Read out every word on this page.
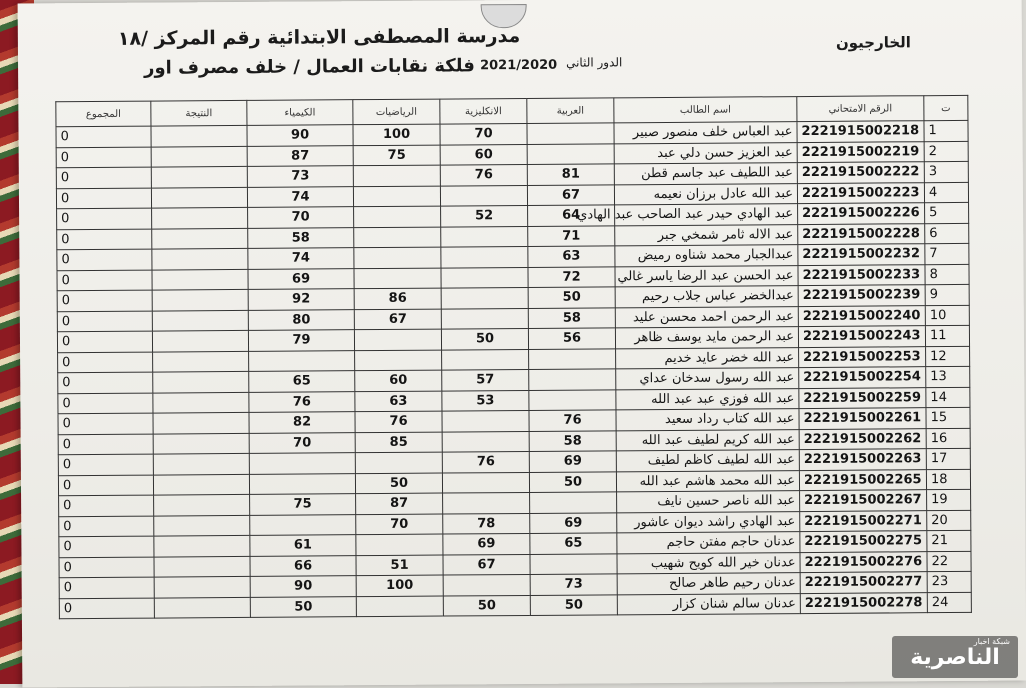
مدرسة المصطفى الابتدائية رقم المركز /١٨
فلكة نقابات العمال / خلف مصرف اور 2021/2020 الدور الثاني
الخارجيون
ت	الرقم الامتحاني	اسم الطالب	العربية	الانكليزية	الرياضيات	الكيمياء	النتيجة	المجموع
1	2221915002218	عبد العباس خلف منصور صبير		70	100	90		0
2	2221915002219	عبد العزيز حسن دلي عبد		60	75	87		0
3	2221915002222	عبد اللطيف عبد جاسم قطن	81	76		73		0
4	2221915002223	عبد الله عادل برزان نعيمه	67			74		0
5	2221915002226	عبد الهادي حيدر عبد الصاحب عبد الهادي	64	52		70		0
6	2221915002228	عبد الاله ثامر شمخي جبر	71			58		0
7	2221915002232	عبدالجبار محمد شناوه رميض	63			74		0
8	2221915002233	عبد الحسن عبد الرضا ياسر غالي	72			69		0
9	2221915002239	عبدالخضر عباس جلاب رحيم	50		86	92		0
10	2221915002240	عبد الرحمن احمد محسن عليد	58		67	80		0
11	2221915002243	عبد الرحمن مايد يوسف ظاهر	56	50		79		0
12	2221915002253	عبد الله خضر عايد خديم						0
13	2221915002254	عبد الله رسول سدخان عداي		57	60	65		0
14	2221915002259	عبد الله فوزي عبد عبد الله		53	63	76		0
15	2221915002261	عبد الله كتاب رداد سعيد	76		76	82		0
16	2221915002262	عبد الله كريم لطيف عبد الله	58		85	70		0
17	2221915002263	عبد الله لطيف كاظم لطيف	69	76				0
18	2221915002265	عبد الله محمد هاشم عبد الله	50		50			0
19	2221915002267	عبد الله ناصر حسين نايف			87	75		0
20	2221915002271	عبد الهادي راشد ديوان عاشور	69	78	70			0
21	2221915002275	عدنان حاجم مفتن حاجم	65	69		61		0
22	2221915002276	عدنان خير الله كويح شهيب		67	51	66		0
23	2221915002277	عدنان رحيم طاهر صالح	73		100	90		0
24	2221915002278	عدنان سالم شنان كزار	50	50		50		0
شبكة اخبار
الناصرية
